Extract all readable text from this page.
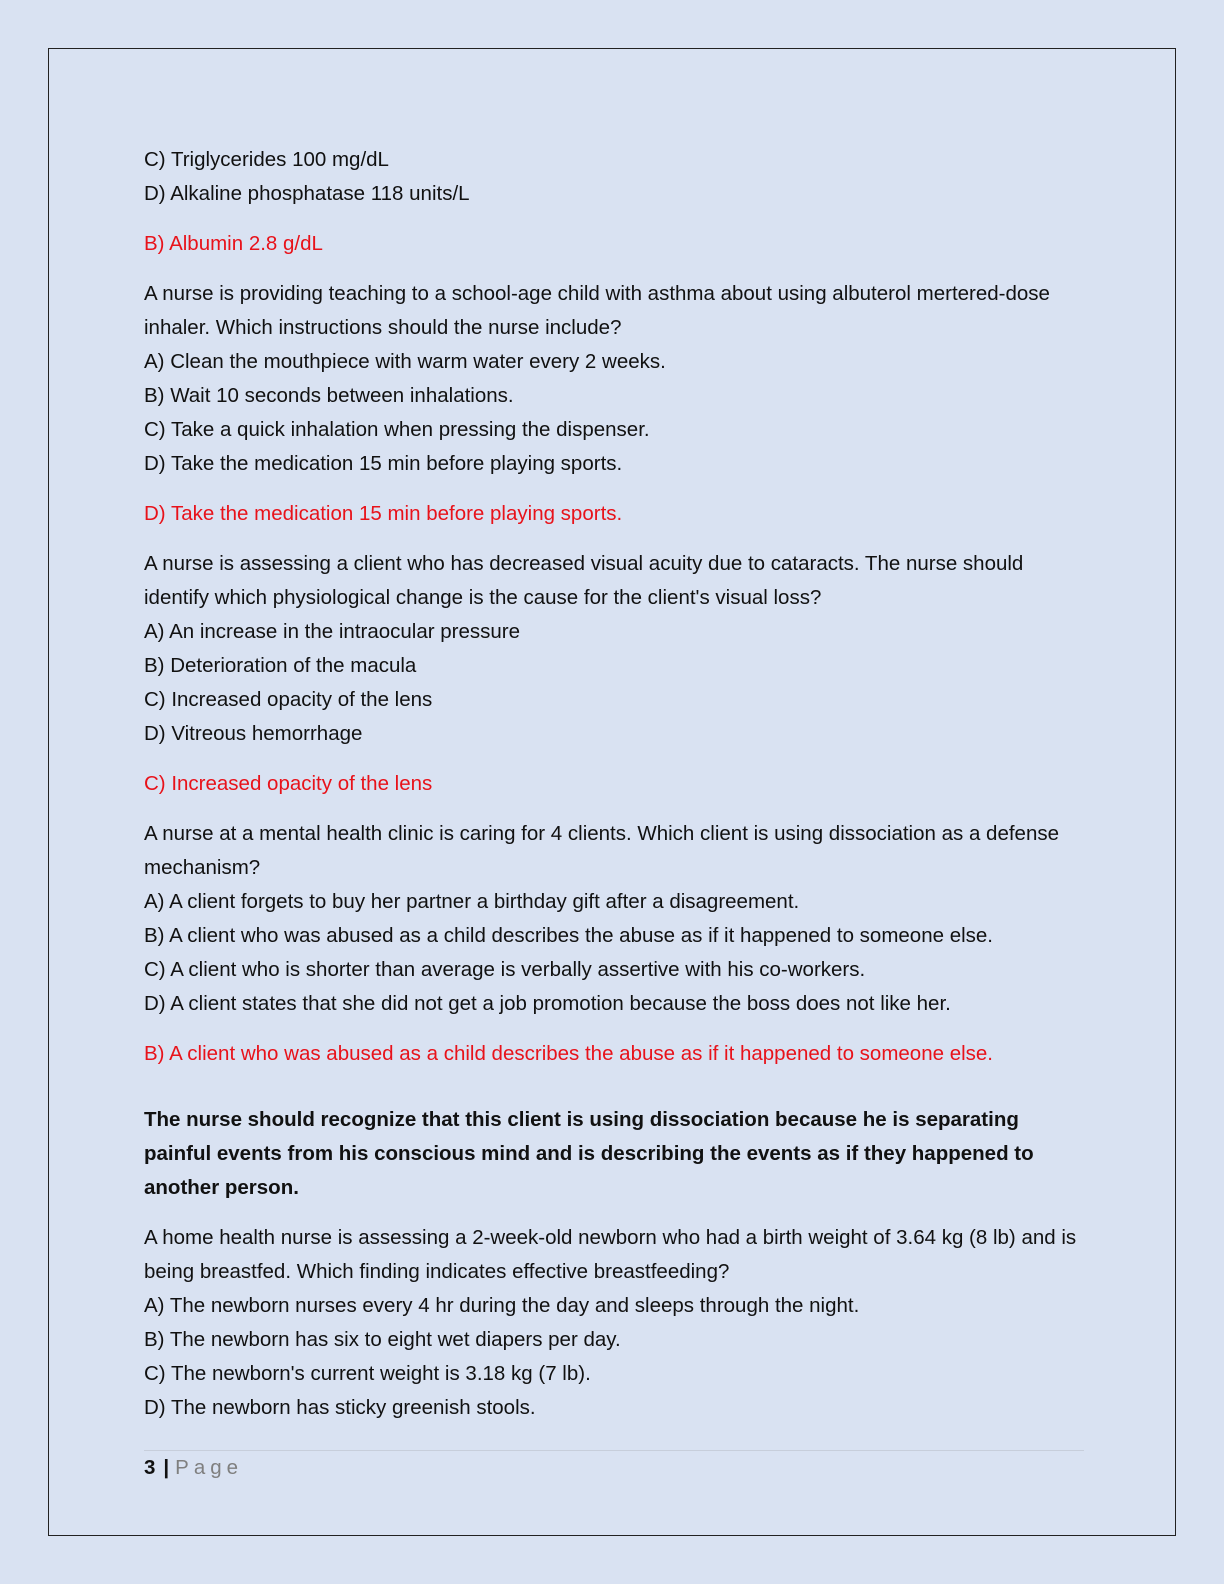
C) Triglycerides 100 mg/dL

D) Alkaline phosphatase 118 units/L

B) Albumin 2.8 g/dL

A nurse is providing teaching to a school-age child with asthma about using albuterol mertered-dose inhaler. Which instructions should the nurse include?

A) Clean the mouthpiece with warm water every 2 weeks.

B) Wait 10 seconds between inhalations.

C) Take a quick inhalation when pressing the dispenser.

D) Take the medication 15 min before playing sports.

D) Take the medication 15 min before playing sports.

A nurse is assessing a client who has decreased visual acuity due to cataracts. The nurse should identify which physiological change is the cause for the client's visual loss?

A) An increase in the intraocular pressure

B) Deterioration of the macula

C) Increased opacity of the lens

D) Vitreous hemorrhage

C) Increased opacity of the lens

A nurse at a mental health clinic is caring for 4 clients. Which client is using dissociation as a defense mechanism?

A) A client forgets to buy her partner a birthday gift after a disagreement.

B) A client who was abused as a child describes the abuse as if it happened to someone else.

C) A client who is shorter than average is verbally assertive with his co-workers.

D) A client states that she did not get a job promotion because the boss does not like her.

B) A client who was abused as a child describes the abuse as if it happened to someone else.

The nurse should recognize that this client is using dissociation because he is separating painful events from his conscious mind and is describing the events as if they happened to another person.

A home health nurse is assessing a 2-week-old newborn who had a birth weight of 3.64 kg (8 lb) and is being breastfed. Which finding indicates effective breastfeeding?

A) The newborn nurses every 4 hr during the day and sleeps through the night.

B) The newborn has six to eight wet diapers per day.

C) The newborn's current weight is 3.18 kg (7 lb).

D) The newborn has sticky greenish stools.

3 | Page
